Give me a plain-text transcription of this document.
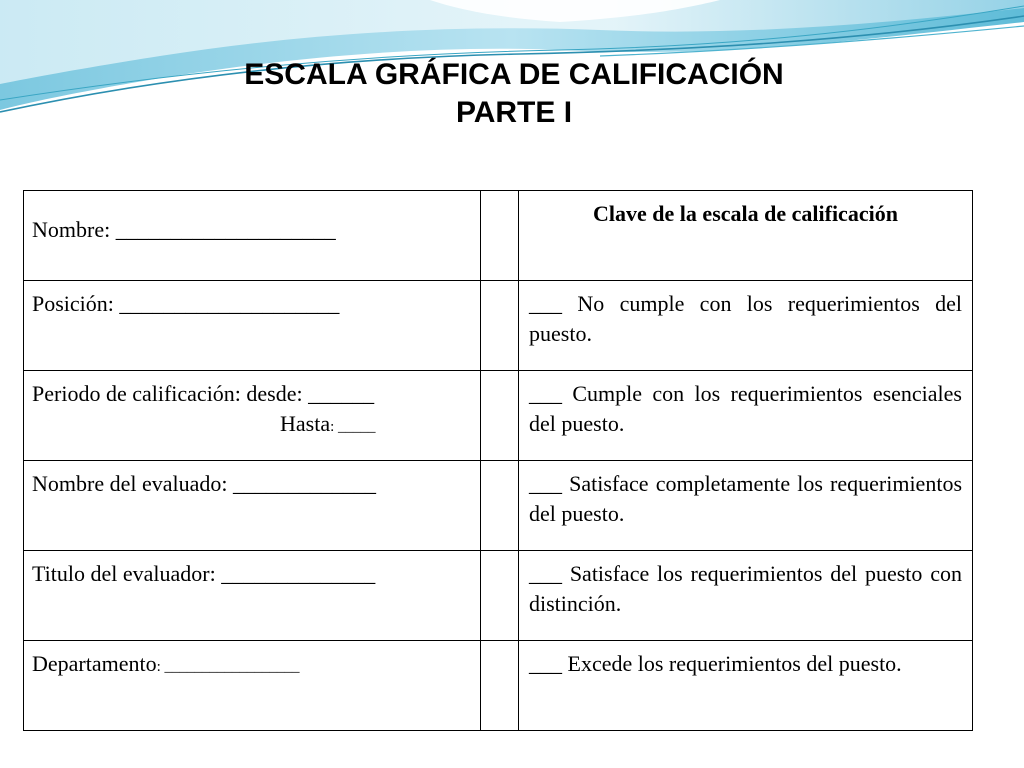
ESCALA GRÁFICA DE CALIFICACIÓN
PARTE I
Nombre: ____________________		Clave de la escala de calificación

Posición: ____________________		___ No cumple con los requerimientos del puesto.

Periodo de calificación: desde: ______
Hasta: _____		___ Cumple con los requerimientos esenciales del puesto.

Nombre del evaluado: _____________		___ Satisface completamente los requerimientos del puesto.

Titulo del evaluador: ______________		___ Satisface los requerimientos del puesto con distinción.

Departamento: __________________		___ Excede los requerimientos del puesto.
